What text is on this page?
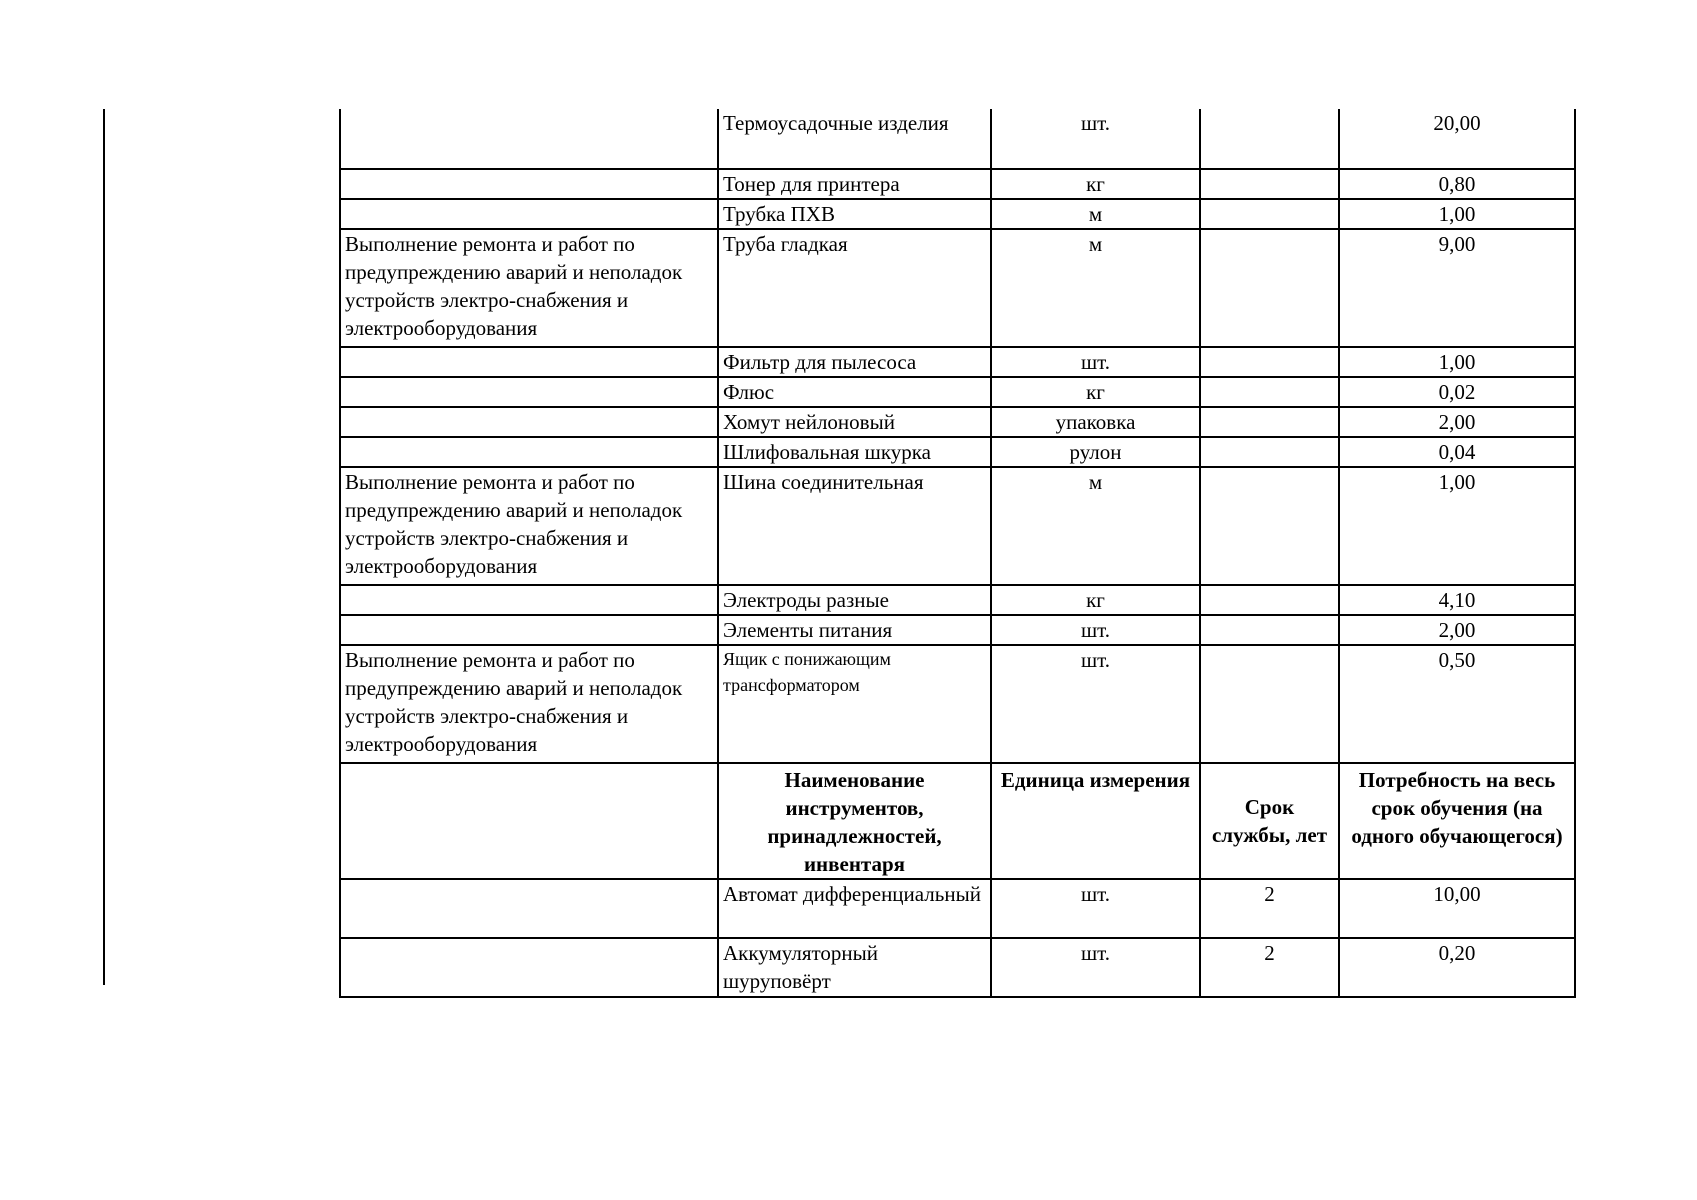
	Термоусадочные изделия	шт.		20,00
	Тонер для принтера	кг		0,80
	Трубка ПХВ	м		1,00
Выполнение ремонта и работ по предупреждению аварий и неполадок устройств электро-снабжения и электрооборудования	Труба гладкая	м		9,00
	Фильтр для пылесоса	шт.		1,00
	Флюс	кг		0,02
	Хомут нейлоновый	упаковка		2,00
	Шлифовальная шкурка	рулон		0,04
Выполнение ремонта и работ по предупреждению аварий и неполадок устройств электро-снабжения и электрооборудования	Шина соединительная	м		1,00
	Электроды разные	кг		4,10
	Элементы питания	шт.		2,00
Выполнение ремонта и работ по предупреждению аварий и неполадок устройств электро-снабжения и электрооборудования	Ящик с понижающим трансформатором	шт.		0,50
	Наименование инструментов, принадлежностей, инвентаря	Единица измерения	Срок службы, лет	Потребность на весь срок обучения (на одного обучающегося)
	Автомат дифференциальный	шт.	2	10,00
	Аккумуляторный шуруповёрт	шт.	2	0,20
